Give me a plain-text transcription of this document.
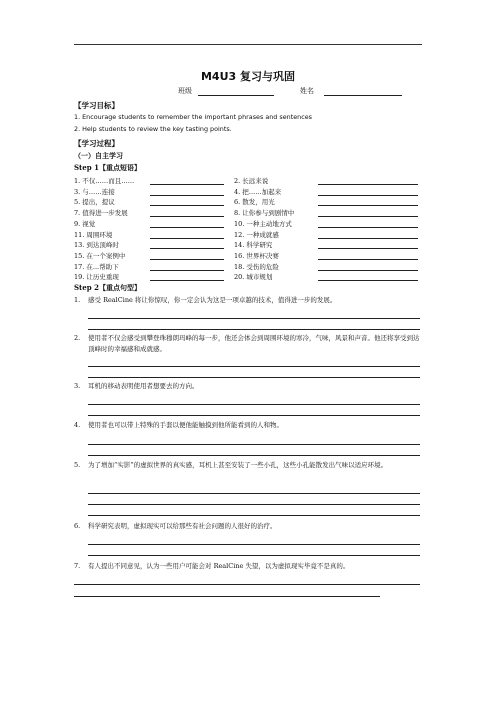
M4U3 复习与巩固
班级	姓名
【学习目标】
1. Encourage students to remember the important phrases and sentences
2. Help students to review the key tasting points.
【学习过程】
（一）自主学习
Step 1【重点短语】
1. 不仅……而且……	2. 长远来说
3. 与……连接	4. 把……加起来
5. 提出，提议	6. 散发，用光
7. 值得进一步发展	8. 让你参与到剧情中
9. 视觉	10. 一种主动地方式
11. 周围环境	12. 一种成就感
13. 到达顶峰时	14. 科学研究
15. 在一个案例中	16. 世界杯决赛
17. 在...帮助下	18. 受伤的危险
19. 让历史重现	20. 城市规划
Step 2【重点句型】
1. 感受 RealCine 将让你惊叹，你一定会认为这是一项卓越的技术，值得进一步的发展。
2. 使用者不仅会感受到攀登珠穆朗玛峰的每一步，他还会体会到周围环境的寒冷，气味，风景和声音。他还将享受到达顶峰时的幸福感和成就感。
3. 耳机的移动表明使用者想要去的方向。
4. 使用者也可以带上特殊的手套以便他能触摸到他所能看到的人和物。
5. 为了增加“实影”的虚拟世界的真实感，耳机上甚至安装了一些小孔，这些小孔能散发出气味以适应环境。
6. 科学研究表明，虚拟现实可以给那些有社会问题的人很好的治疗。
7. 有人提出不同意见，认为一些用户可能会对 RealCine 失望，以为虚拟现实毕竟不是真的。
